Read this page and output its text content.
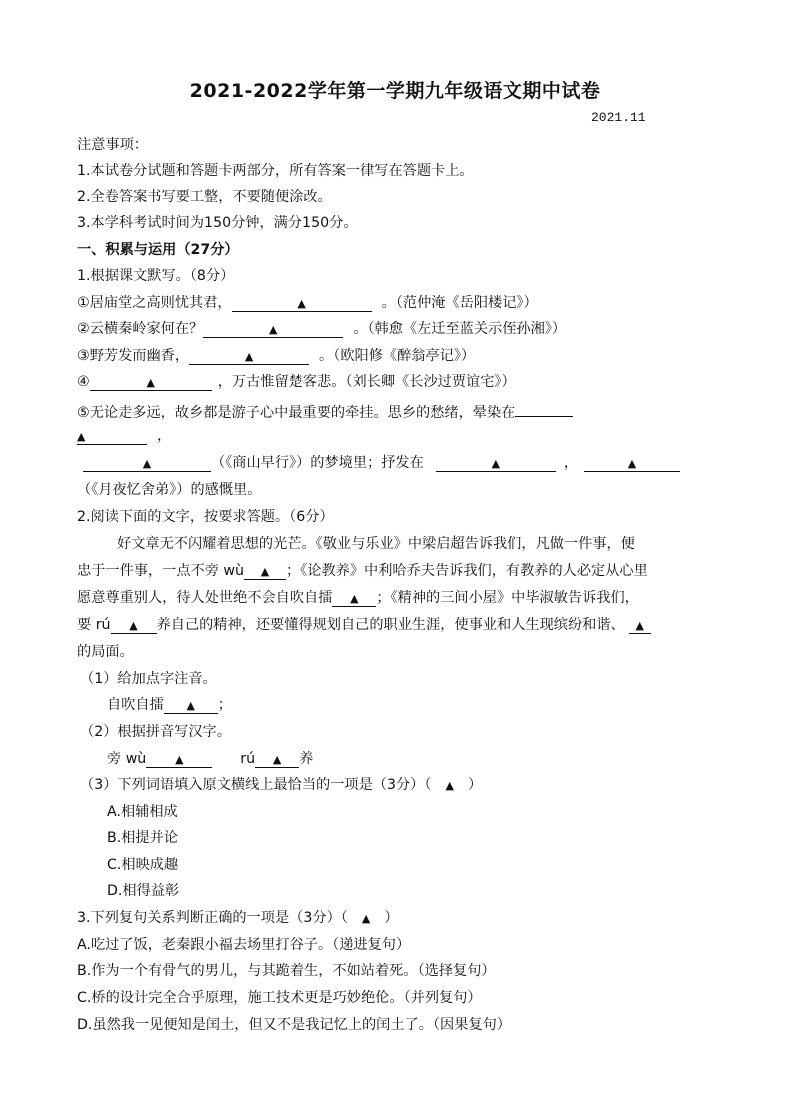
2021-2022学年第一学期九年级语文期中试卷
2021.11
注意事项：
1.本试卷分试题和答题卡两部分，所有答案一律写在答题卡上。
2.全卷答案书写要工整，不要随便涂改。
3.本学科考试时间为150分钟，满分150分。
一、积累与运用（27分）
1.根据课文默写。（8分）
①居庙堂之高则忧其君，	▲	。（范仲淹《岳阳楼记》）
②云横秦岭家何在？	▲	。（韩愈《左迁至蓝关示侄孙湘》）
③野芳发而幽香，	▲	。（欧阳修《醉翁亭记》）
④	▲	，万古惟留楚客悲。（刘长卿《长沙过贾谊宅》）
⑤无论走多远，故乡都是游子心中最重要的牵挂。思乡的愁绪，晕染在
▲	，
▲	（《商山早行》）的梦境里；抒发在	▲	，	▲
（《月夜忆舍弟》）的感慨里。
2.阅读下面的文字，按要求答题。（6分）
好文章无不闪耀着思想的光芒。《敬业与乐业》中梁启超告诉我们，凡做一件事，便
忠于一件事，一点不旁 wù ▲ ；《论教养》中利哈乔夫告诉我们，有教养的人必定从心里
愿意尊重别人，待人处世绝不会自吹自擂 ▲ ；《精神的三间小屋》中毕淑敏告诉我们，
要 rú ▲ 养自己的精神，还要懂得规划自己的职业生涯，使事业和人生现缤纷和谐、 ▲
的局面。
（1）给加点字注音。
自吹自擂 ▲ ；
（2）根据拼音写汉字。
旁 wù	▲	rú ▲ 养
（3）下列词语填入原文横线上最恰当的一项是（3分）（ ▲ ）
A.相辅相成
B.相提并论
C.相映成趣
D.相得益彰
3.下列复句关系判断正确的一项是（3分）（ ▲ ）
A.吃过了饭，老秦跟小福去场里打谷子。（递进复句）
B.作为一个有骨气的男儿，与其跪着生，不如站着死。（选择复句）
C.桥的设计完全合乎原理，施工技术更是巧妙绝伦。（并列复句）
D.虽然我一见便知是闰土，但又不是我记忆上的闰土了。（因果复句）
